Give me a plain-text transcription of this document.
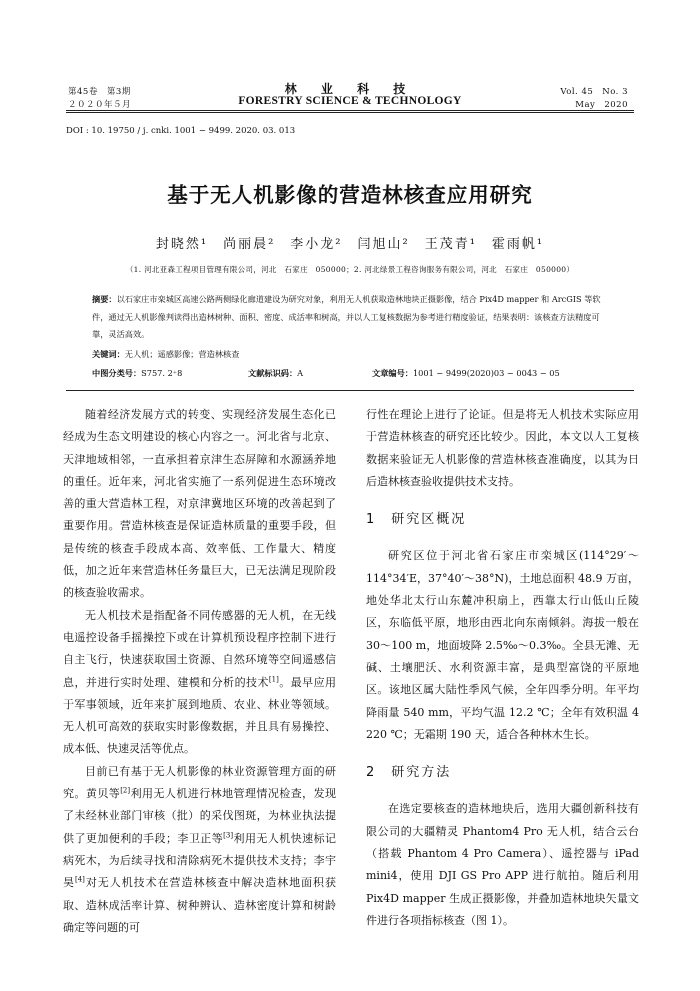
第45卷　第3期
２０２０年５月
林 业 科 技
FORESTRY SCIENCE & TECHNOLOGY
Vol. 45　No. 3
May　2020
DOI : 10. 19750 / j. cnki. 1001 − 9499. 2020. 03. 013
基于无人机影像的营造林核查应用研究
封晓然¹　尚丽晨²　李小龙²　闫旭山²　王茂青¹　霍雨帆¹
（1. 河北亚森工程项目管理有限公司，河北　石家庄　050000；2. 河北绿景工程咨询服务有限公司，河北　石家庄　050000）
摘要：以石家庄市栾城区高速公路两侧绿化廊道建设为研究对象，利用无人机获取造林地块正摄影像，结合 Pix4D mapper 和 ArcGIS 等软件，通过无人机影像判读得出造林树种、面积、密度、成活率和树高，并以人工复核数据为参考进行精度验证，结果表明：该核查方法精度可靠，灵活高效。
关键词：无人机；遥感影像；营造林核查
中图分类号：S757. 2⁺8	文献标识码：A	文章编号：1001 − 9499(2020)03 − 0043 − 05

随着经济发展方式的转变、实现经济发展生态化已经成为生态文明建设的核心内容之一。河北省与北京、天津地域相邻，一直承担着京津生态屏障和水源涵养地的重任。近年来，河北省实施了一系列促进生态环境改善的重大营造林工程，对京津冀地区环境的改善起到了重要作用。营造林核查是保证造林质量的重要手段，但是传统的核查手段成本高、效率低、工作量大、精度低，加之近年来营造林任务量巨大，已无法满足现阶段的核查验收需求。

无人机技术是指配备不同传感器的无人机，在无线电遥控设备手摇操控下或在计算机预设程序控制下进行自主飞行，快速获取国土资源、自然环境等空间遥感信息，并进行实时处理、建模和分析的技术[1]。最早应用于军事领域，近年来扩展到地质、农业、林业等领域。无人机可高效的获取实时影像数据，并且具有易操控、成本低、快速灵活等优点。

目前已有基于无人机影像的林业资源管理方面的研究。黄贝等[2]利用无人机进行林地管理情况检查，发现了未经林业部门审核（批）的采伐图斑，为林业执法提供了更加便利的手段；李卫正等[3]利用无人机快速标记病死木，为后续寻找和清除病死木提供技术支持；李宇昊[4]对无人机技术在营造林核查中解决造林地面积获取、造林成活率计算、树种辨认、造林密度计算和树龄确定等问题的可

行性在理论上进行了论证。但是将无人机技术实际应用于营造林核查的研究还比较少。因此，本文以人工复核数据来验证无人机影像的营造林核查准确度，以其为日后造林核查验收提供技术支持。

1　研究区概况

研究区位于河北省石家庄市栾城区(114°29′～114°34′E，37°40′～38°N)，土地总面积 48.9 万亩，地处华北太行山东麓冲积扇上，西靠太行山低山丘陵区，东临低平原，地形由西北向东南倾斜。海拔一般在 30～100 m，地面坡降 2.5‰～0.3‰。全县无滩、无碱、土壤肥沃、水利资源丰富，是典型富饶的平原地区。该地区属大陆性季风气候，全年四季分明。年平均降雨量 540 mm，平均气温 12.2 ℃；全年有效积温 4 220 ℃；无霜期 190 天，适合各种林木生长。

2　研究方法

在选定要核查的造林地块后，选用大疆创新科技有限公司的大疆精灵 Phantom4 Pro 无人机，结合云台（搭载 Phantom 4 Pro Camera）、遥控器与 iPad mini4，使用 DJI GS Pro APP 进行航拍。随后利用 Pix4D mapper 生成正摄影像，并叠加造林地块矢量文件进行各项指标核查（图 1）。
